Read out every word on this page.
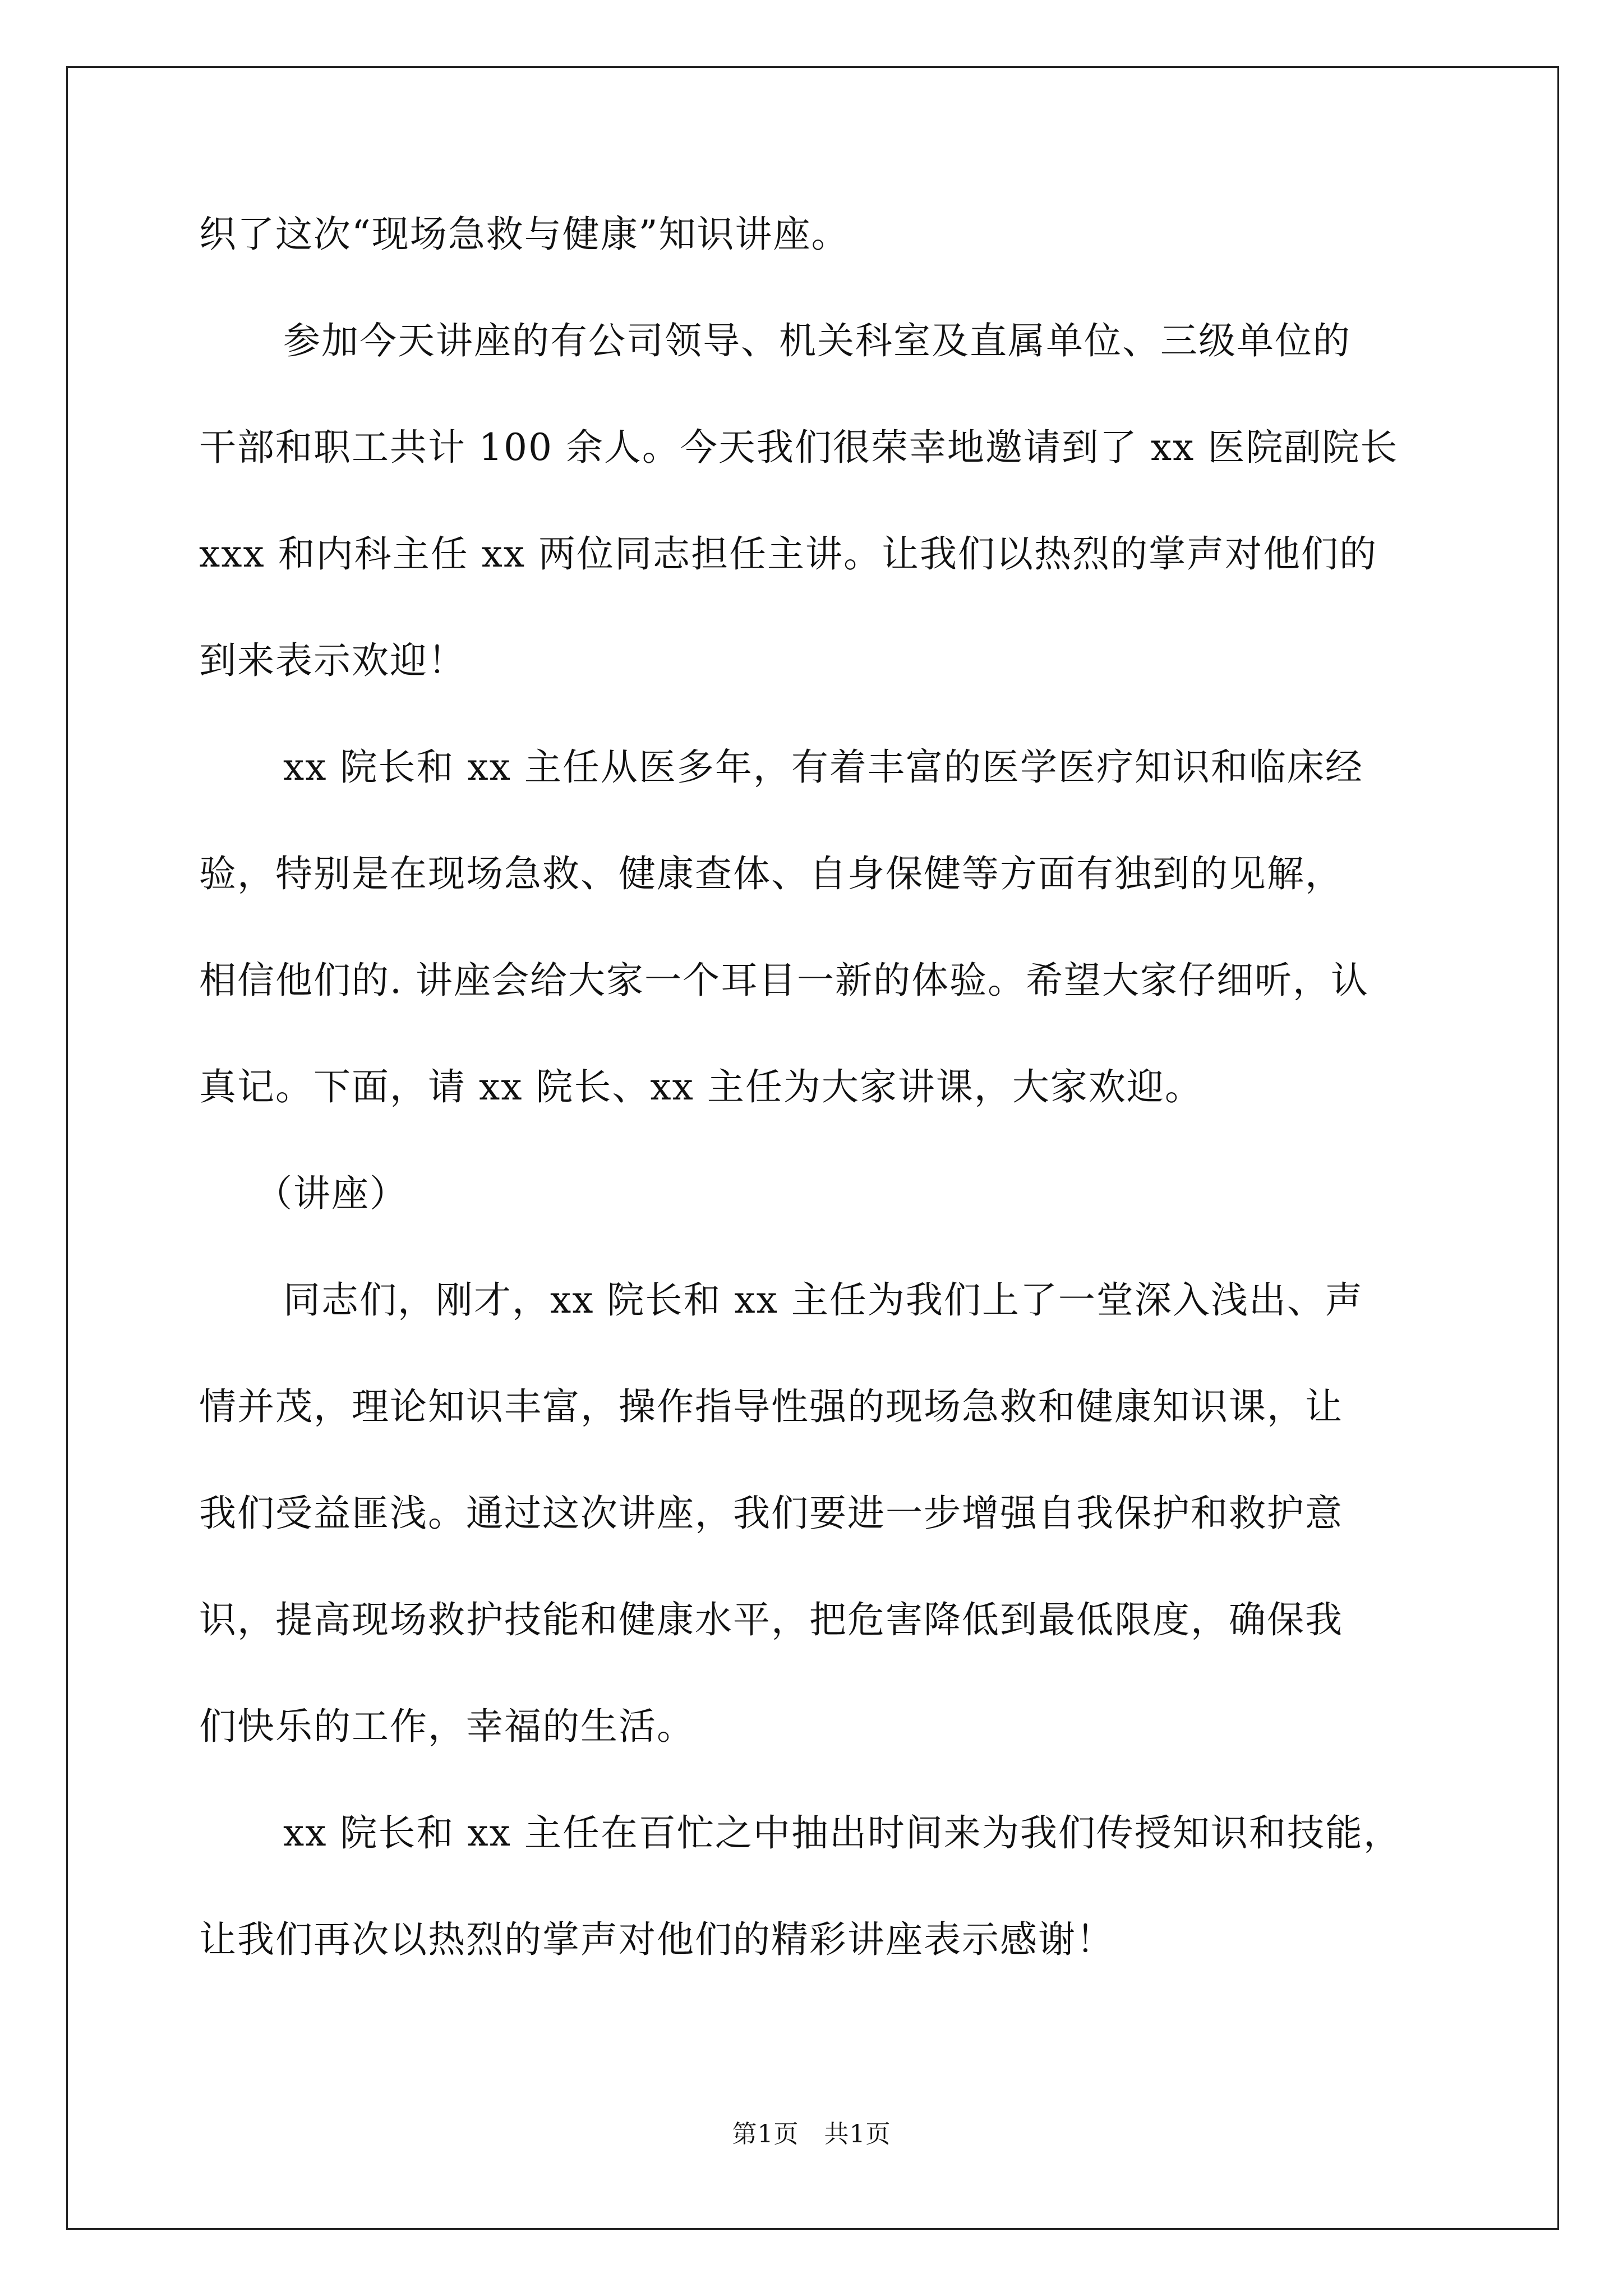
织了这次“现场急救与健康”知识讲座。
参加今天讲座的有公司领导、机关科室及直属单位、三级单位的
干部和职工共计 100 余人。今天我们很荣幸地邀请到了 xx 医院副院长
xxx 和内科主任 xx 两位同志担任主讲。让我们以热烈的掌声对他们的
到来表示欢迎！
xx 院长和 xx 主任从医多年，有着丰富的医学医疗知识和临床经
验，特别是在现场急救、健康查体、自身保健等方面有独到的见解，
相信他们的. 讲座会给大家一个耳目一新的体验。希望大家仔细听，认
真记。下面，请 xx 院长、xx 主任为大家讲课，大家欢迎。
（讲座）
同志们，刚才，xx 院长和 xx 主任为我们上了一堂深入浅出、声
情并茂，理论知识丰富，操作指导性强的现场急救和健康知识课，让
我们受益匪浅。通过这次讲座，我们要进一步增强自我保护和救护意
识，提高现场救护技能和健康水平，把危害降低到最低限度，确保我
们快乐的工作，幸福的生活。
xx 院长和 xx 主任在百忙之中抽出时间来为我们传授知识和技能，
让我们再次以热烈的掌声对他们的精彩讲座表示感谢！
第1页 共1页
